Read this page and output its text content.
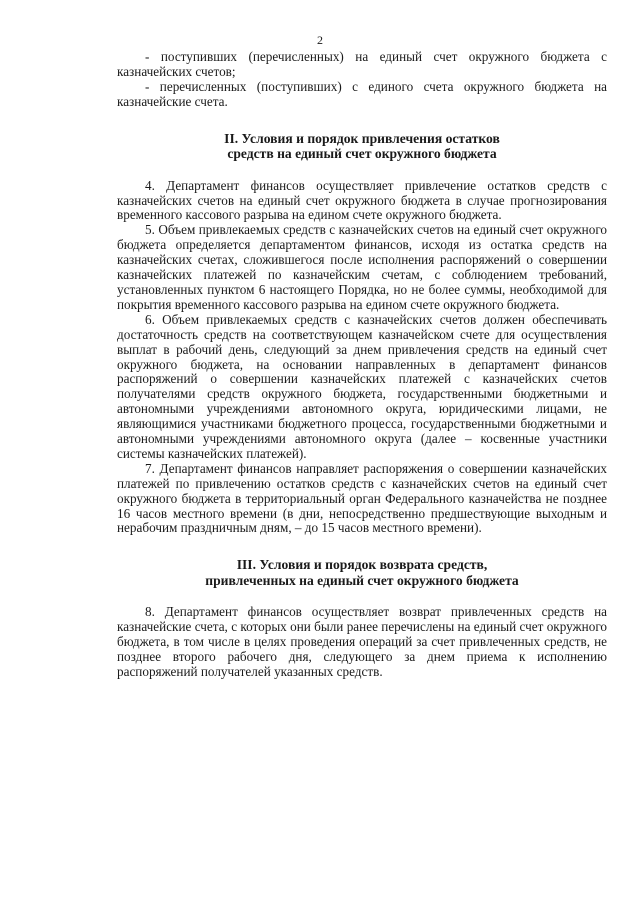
2

- поступивших (перечисленных) на единый счет окружного бюджета с казначейских счетов;

- перечисленных (поступивших) с единого счета окружного бюджета на казначейские счета.

II. Условия и порядок привлечения остатков
средств на единый счет окружного бюджета

4. Департамент финансов осуществляет привлечение остатков средств с казначейских счетов на единый счет окружного бюджета в случае прогнозирования временного кассового разрыва на едином счете окружного бюджета.

5. Объем привлекаемых средств с казначейских счетов на единый счет окружного бюджета определяется департаментом финансов, исходя из остатка средств на казначейских счетах, сложившегося после исполнения распоряжений о совершении казначейских платежей по казначейским счетам, с соблюдением требований, установленных пунктом 6 настоящего Порядка, но не более суммы, необходимой для покрытия временного кассового разрыва на едином счете окружного бюджета.

6. Объем привлекаемых средств с казначейских счетов должен обеспечивать достаточность средств на соответствующем казначейском счете для осуществления выплат в рабочий день, следующий за днем привлечения средств на единый счет окружного бюджета, на основании направленных в департамент финансов распоряжений о совершении казначейских платежей с казначейских счетов получателями средств окружного бюджета, государственными бюджетными и автономными учреждениями автономного округа, юридическими лицами, не являющимися участниками бюджетного процесса, государственными бюджетными и автономными учреждениями автономного округа (далее – косвенные участники системы казначейских платежей).

7. Департамент финансов направляет распоряжения о совершении казначейских платежей по привлечению остатков средств с казначейских счетов на единый счет окружного бюджета в территориальный орган Федерального казначейства не позднее 16 часов местного времени (в дни, непосредственно предшествующие выходным и нерабочим праздничным дням, – до 15 часов местного времени).

III. Условия и порядок возврата средств,
привлеченных на единый счет окружного бюджета

8. Департамент финансов осуществляет возврат привлеченных средств на казначейские счета, с которых они были ранее перечислены на единый счет окружного бюджета, в том числе в целях проведения операций за счет привлеченных средств, не позднее второго рабочего дня, следующего за днем приема к исполнению распоряжений получателей указанных средств.
